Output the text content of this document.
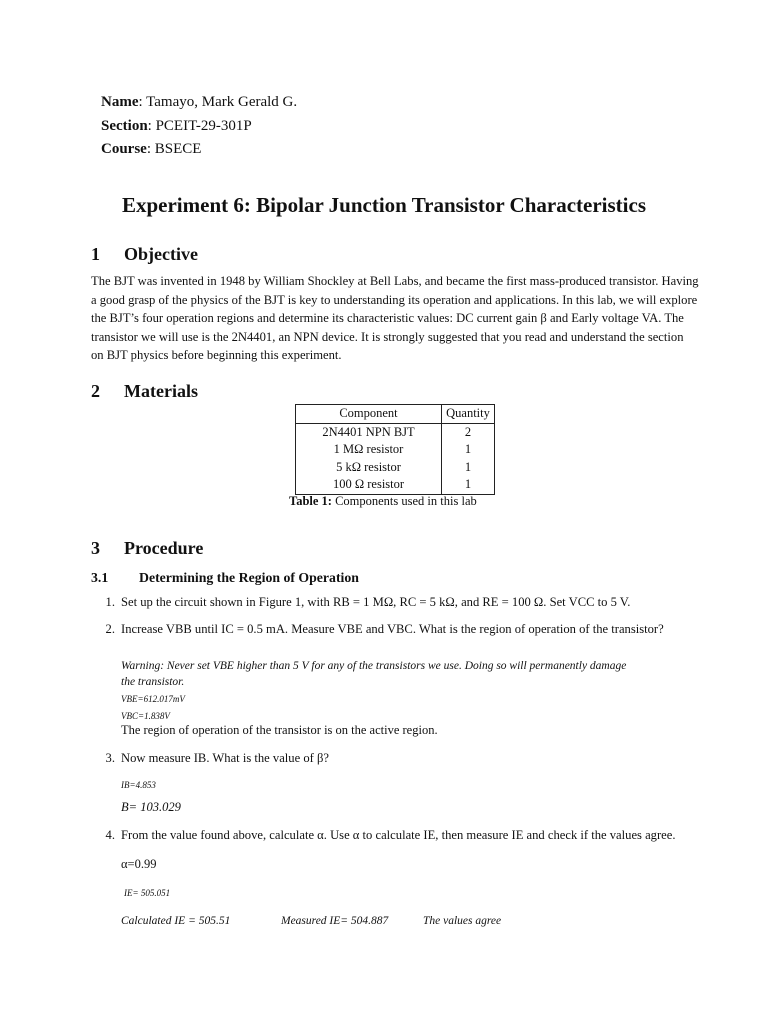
Name: Tamayo, Mark Gerald G.
Section: PCEIT-29-301P
Course: BSECE
Experiment 6: Bipolar Junction Transistor Characteristics
1 Objective
The BJT was invented in 1948 by William Shockley at Bell Labs, and became the first mass-produced transistor. Having
a good grasp of the physics of the BJT is key to understanding its operation and applications. In this lab, we will explore
the BJT’s four operation regions and determine its characteristic values: DC current gain β and Early voltage VA. The
transistor we will use is the 2N4401, an NPN device. It is strongly suggested that you read and understand the section
on BJT physics before beginning this experiment.
2 Materials
Component	Quantity
2N4401 NPN BJT	2
1 MΩ resistor	1
5 kΩ resistor	1
100 Ω resistor	1
Table 1: Components used in this lab
3 Procedure
3.1 Determining the Region of Operation
1. Set up the circuit shown in Figure 1, with RB = 1 MΩ, RC = 5 kΩ, and RE = 100 Ω. Set VCC to 5 V.
2. Increase VBB until IC = 0.5 mA. Measure VBE and VBC. What is the region of operation of the transistor?
Warning: Never set VBE higher than 5 V for any of the transistors we use. Doing so will permanently damage
the transistor.
VBE=612.017mV
VBC=1.838V
The region of operation of the transistor is on the active region.
3. Now measure IB. What is the value of β?
IB=4.853
B= 103.029
4. From the value found above, calculate α. Use α to calculate IE, then measure IE and check if the values agree.
α=0.99
IE= 505.051
Calculated IE = 505.51	Measured IE= 504.887	The values agree
